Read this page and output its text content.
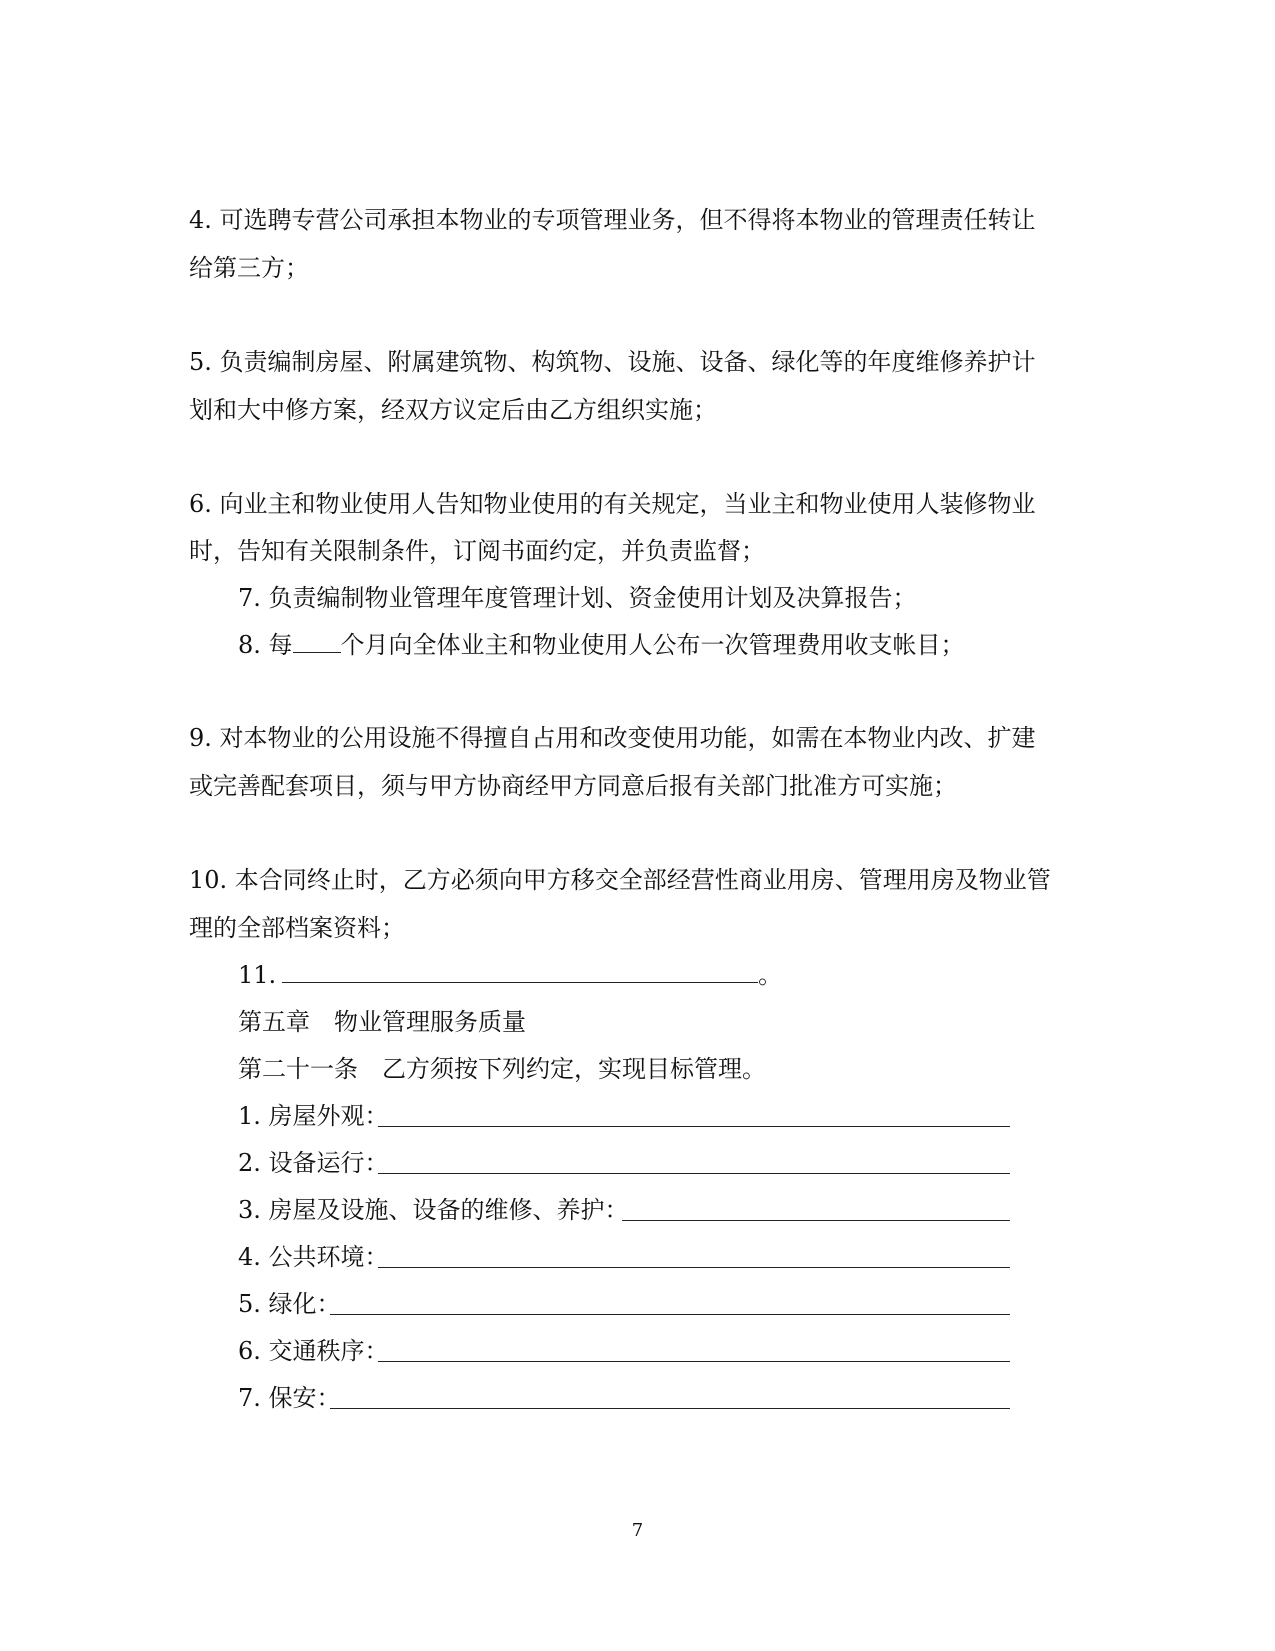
4. 可选聘专营公司承担本物业的专项管理业务，但不得将本物业的管理责任转让
给第三方；
5. 负责编制房屋、附属建筑物、构筑物、设施、设备、绿化等的年度维修养护计
划和大中修方案，经双方议定后由乙方组织实施；
6. 向业主和物业使用人告知物业使用的有关规定，当业主和物业使用人装修物业
时，告知有关限制条件，订阅书面约定，并负责监督；
7. 负责编制物业管理年度管理计划、资金使用计划及决算报告；
8. 每 个月向全体业主和物业使用人公布一次管理费用收支帐目；
9. 对本物业的公用设施不得擅自占用和改变使用功能，如需在本物业内改、扩建
或完善配套项目，须与甲方协商经甲方同意后报有关部门批准方可实施；
10. 本合同终止时，乙方必须向甲方移交全部经营性商业用房、管理用房及物业管
理的全部档案资料；
11.	。
第五章　物业管理服务质量
第二十一条　乙方须按下列约定，实现目标管理。
1. 房屋外观：
2. 设备运行：
3. 房屋及设施、设备的维修、养护：
4. 公共环境：
5. 绿化：
6. 交通秩序：
7. 保安：
7
